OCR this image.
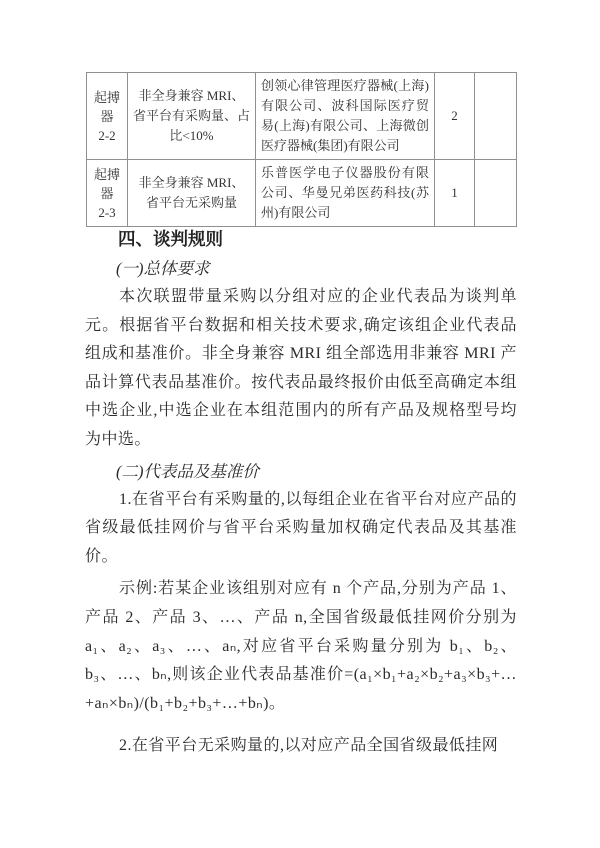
起搏器
2-2	非全身兼容 MRI、省平台有采购量、占比<10%	创领心律管理医疗器械(上海)有限公司、波科国际医疗贸易(上海)有限公司、上海微创医疗器械(集团)有限公司	2	

起搏器
2-3	非全身兼容 MRI、省平台无采购量	乐普医学电子仪器股份有限公司、华曼兄弟医药科技(苏州)有限公司	1	
四、谈判规则
(一)总体要求

本次联盟带量采购以分组对应的企业代表品为谈判单元。根据省平台数据和相关技术要求,确定该组企业代表品组成和基准价。非全身兼容 MRI 组全部选用非兼容 MRI 产品计算代表品基准价。按代表品最终报价由低至高确定本组中选企业,中选企业在本组范围内的所有产品及规格型号均为中选。

(二)代表品及基准价

1.在省平台有采购量的,以每组企业在省平台对应产品的省级最低挂网价与省平台采购量加权确定代表品及其基准价。

示例:若某企业该组别对应有 n 个产品,分别为产品 1、产品 2、产品 3、…、产品 n,全国省级最低挂网价分别为 a₁、a₂、a₃、…、aₙ,对应省平台采购量分别为 b₁、b₂、b₃、…、bₙ,则该企业代表品基准价=(a₁×b₁+a₂×b₂+a₃×b₃+…+aₙ×bₙ)/(b₁+b₂+b₃+…+bₙ)。

2.在省平台无采购量的,以对应产品全国省级最低挂网
